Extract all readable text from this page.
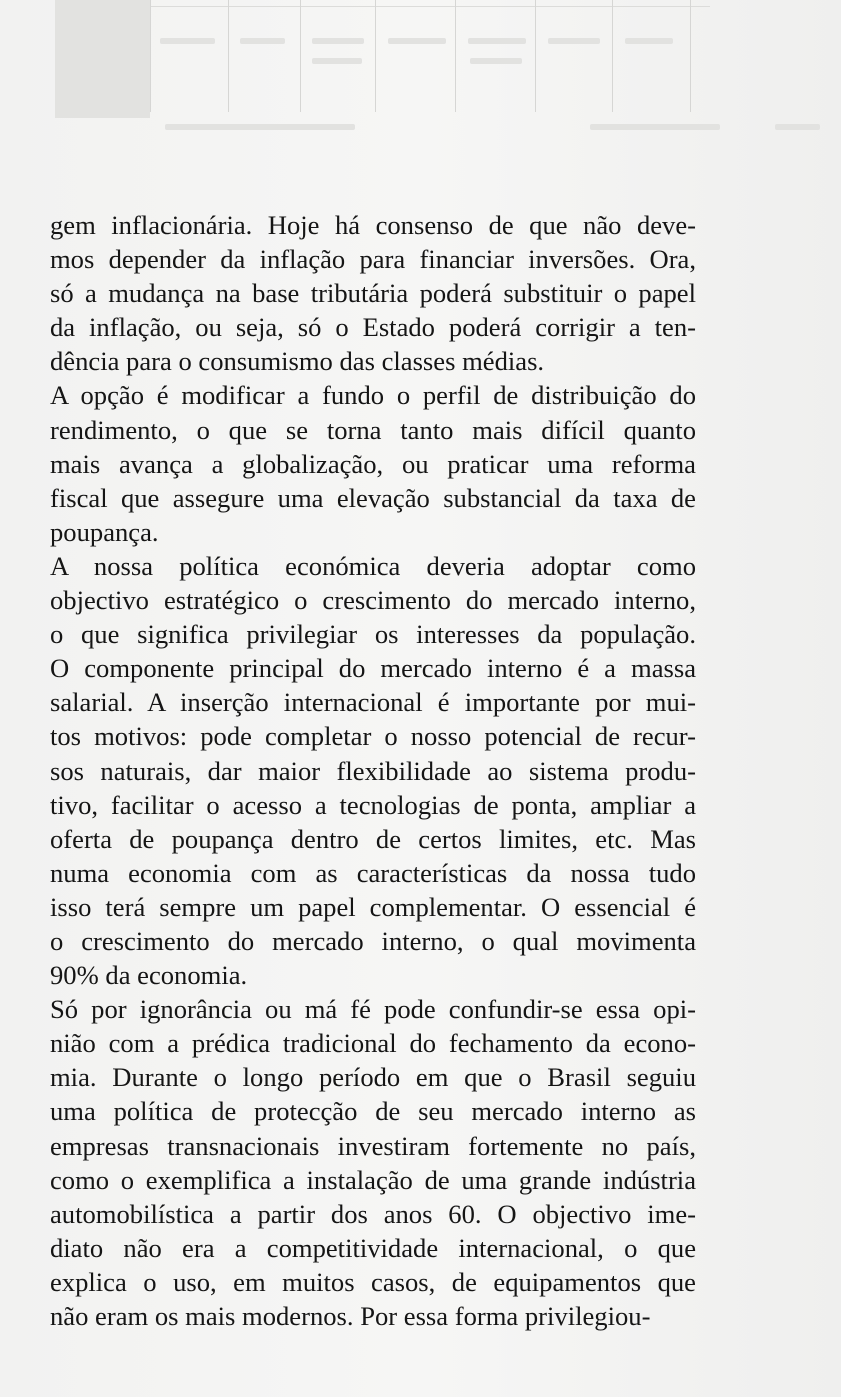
gem inflacionária. Hoje há consenso de que não deve-
mos depender da inflação para financiar inversões. Ora,
só a mudança na base tributária poderá substituir o papel
da inflação, ou seja, só o Estado poderá corrigir a ten-
dência para o consumismo das classes médias.
A opção é modificar a fundo o perfil de distribuição do
rendimento, o que se torna tanto mais difícil quanto
mais avança a globalização, ou praticar uma reforma
fiscal que assegure uma elevação substancial da taxa de
poupança.
A nossa política económica deveria adoptar como
objectivo estratégico o crescimento do mercado interno,
o que significa privilegiar os interesses da população.
O componente principal do mercado interno é a massa
salarial. A inserção internacional é importante por mui-
tos motivos: pode completar o nosso potencial de recur-
sos naturais, dar maior flexibilidade ao sistema produ-
tivo, facilitar o acesso a tecnologias de ponta, ampliar a
oferta de poupança dentro de certos limites, etc. Mas
numa economia com as características da nossa tudo
isso terá sempre um papel complementar. O essencial é
o crescimento do mercado interno, o qual movimenta
90% da economia.
Só por ignorância ou má fé pode confundir-se essa opi-
nião com a prédica tradicional do fechamento da econo-
mia. Durante o longo período em que o Brasil seguiu
uma política de protecção de seu mercado interno as
empresas transnacionais investiram fortemente no país,
como o exemplifica a instalação de uma grande indústria
automobilística a partir dos anos 60. O objectivo ime-
diato não era a competitividade internacional, o que
explica o uso, em muitos casos, de equipamentos que
não eram os mais modernos. Por essa forma privilegiou-
